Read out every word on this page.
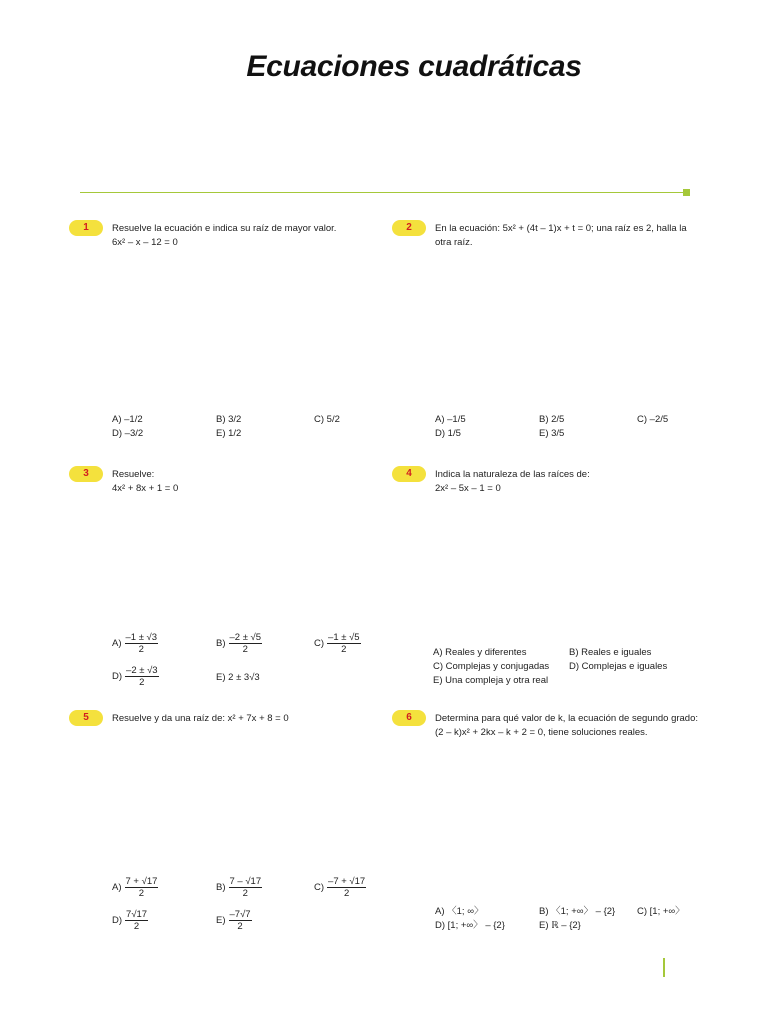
Ecuaciones cuadráticas
1	Resuelve la ecuación e indica su raíz de mayor valor.
6x² – x – 12 = 0
A) –1/2	B) 3/2	C) 5/2
D) –3/2	E) 1/2
2	En la ecuación: 5x² + (4t – 1)x + t = 0; una raíz es 2, halla la
otra raíz.
A) –1/5	B) 2/5	C) –2/5
D) 1/5	E) 3/5
3	Resuelve:
4x² + 8x + 1 = 0
$A) \frac{-1 \pm √3}{2}$	$B) \frac{-2 \pm √5}{2}$	$C) \frac{-1 \pm √5}{2}$
$D) \frac{-2 \pm √3}{2}$	E) 2 ± 3√3
4	Indica la naturaleza de las raíces de:
2x² – 5x – 1 = 0
A) Reales y diferentes	B) Reales e iguales
C) Complejas y conjugadas D) Complejas e iguales
E) Una compleja y otra real
5	Resuelve y da una raíz de: x² + 7x + 8 = 0
$A) \frac{7 + √17}{2}$	$B) \frac{7 - √17}{2}$	$C) \frac{-7 + √17}{2}$
$D) \frac{7√17}{2}$	$E) \frac{-7√7}{2}$
6	Determina para qué valor de k, la ecuación de segundo grado:
(2 – k)x² + 2kx – k + 2 = 0, tiene soluciones reales.
A) 〈1; ∞〉	B) 〈1; +∞〉 – {2} C) [1; +∞〉
D) [1; +∞〉 – {2}	E) ℝ – {2}
